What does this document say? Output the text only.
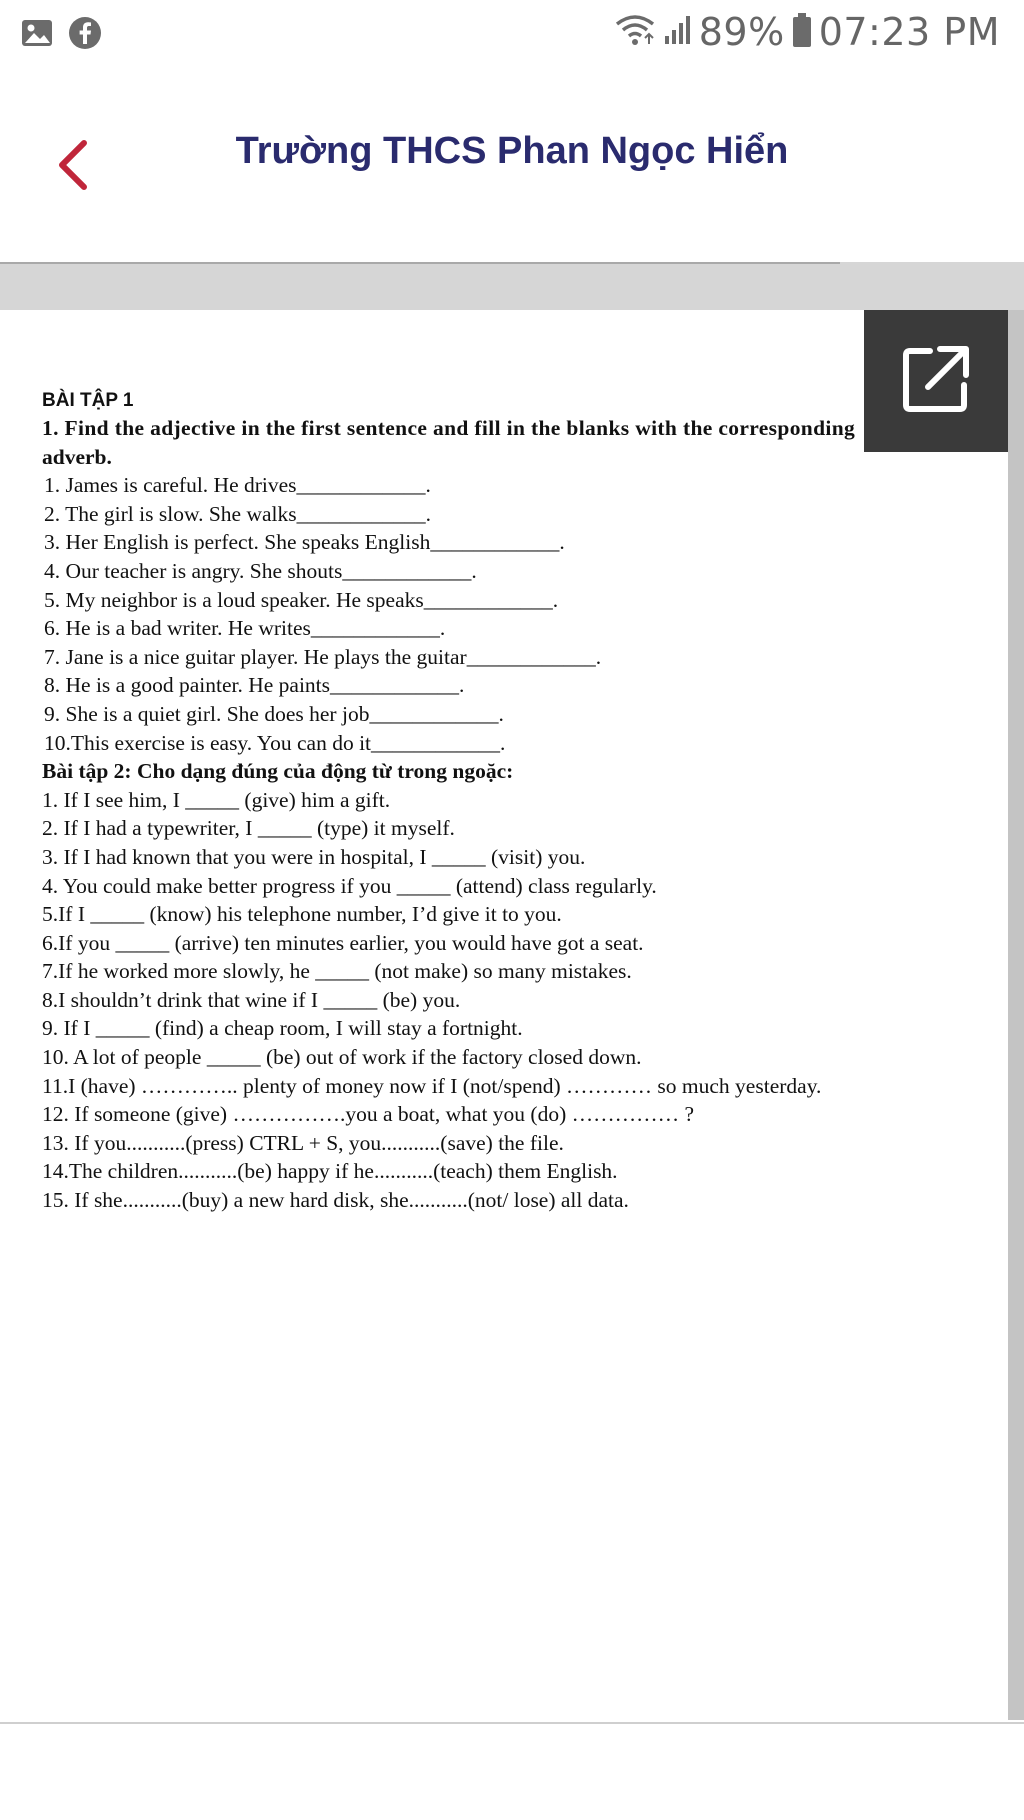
89% 07:23 PM
Trường THCS Phan Ngọc Hiển
BÀI TẬP 1
1. Find the adjective in the first sentence and fill in the blanks with the corresponding
adverb.
1. James is careful. He drives____________.
2. The girl is slow. She walks____________.
3. Her English is perfect. She speaks English____________.
4. Our teacher is angry. She shouts____________.
5. My neighbor is a loud speaker. He speaks____________.
6. He is a bad writer. He writes____________.
7. Jane is a nice guitar player. He plays the guitar____________.
8. He is a good painter. He paints____________.
9. She is a quiet girl. She does her job____________.
10.This exercise is easy. You can do it____________.
Bài tập 2: Cho dạng đúng của động từ trong ngoặc:
1. If I see him, I _____ (give) him a gift.
2. If I had a typewriter, I _____ (type) it myself.
3. If I had known that you were in hospital, I _____ (visit) you.
4. You could make better progress if you _____ (attend) class regularly.
5.If I _____ (know) his telephone number, I’d give it to you.
6.If you _____ (arrive) ten minutes earlier, you would have got a seat.
7.If he worked more slowly, he _____ (not make) so many mistakes.
8.I shouldn’t drink that wine if I _____ (be) you.
9. If I _____ (find) a cheap room, I will stay a fortnight.
10. A lot of people _____ (be) out of work if the factory closed down.
11.I (have) ………….. plenty of money now if I (not/spend) ………… so much yesterday.
12. If someone (give) …………….you a boat, what you (do) …………… ?
13. If you...........(press) CTRL + S, you...........(save) the file.
14.The children...........(be) happy if he...........(teach) them English.
15. If she...........(buy) a new hard disk, she...........(not/ lose) all data.
